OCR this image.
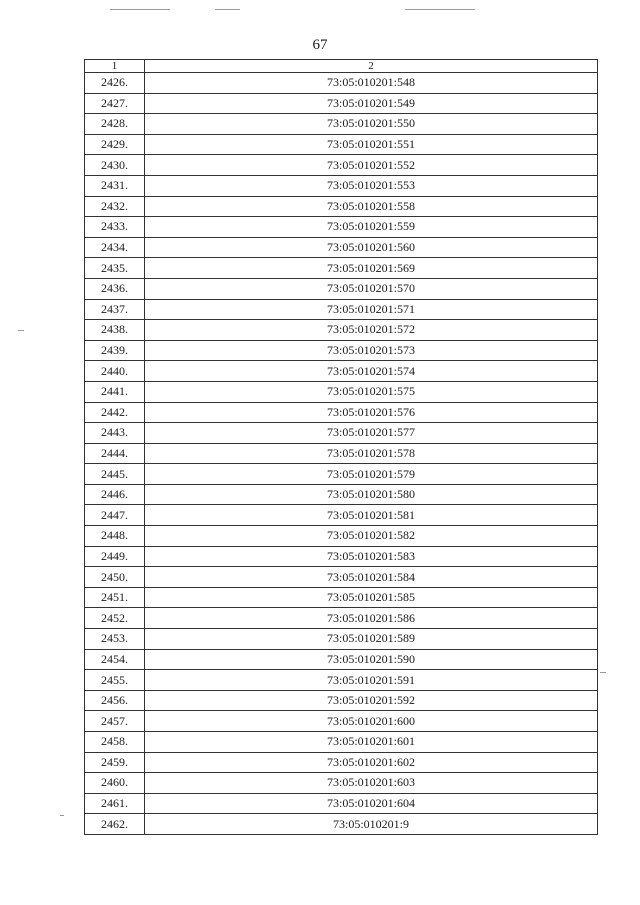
67
1	2
2426.	73:05:010201:548
2427.	73:05:010201:549
2428.	73:05:010201:550
2429.	73:05:010201:551
2430.	73:05:010201:552
2431.	73:05:010201:553
2432.	73:05:010201:558
2433.	73:05:010201:559
2434.	73:05:010201:560
2435.	73:05:010201:569
2436.	73:05:010201:570
2437.	73:05:010201:571
2438.	73:05:010201:572
2439.	73:05:010201:573
2440.	73:05:010201:574
2441.	73:05:010201:575
2442.	73:05:010201:576
2443.	73:05:010201:577
2444.	73:05:010201:578
2445.	73:05:010201:579
2446.	73:05:010201:580
2447.	73:05:010201:581
2448.	73:05:010201:582
2449.	73:05:010201:583
2450.	73:05:010201:584
2451.	73:05:010201:585
2452.	73:05:010201:586
2453.	73:05:010201:589
2454.	73:05:010201:590
2455.	73:05:010201:591
2456.	73:05:010201:592
2457.	73:05:010201:600
2458.	73:05:010201:601
2459.	73:05:010201:602
2460.	73:05:010201:603
2461.	73:05:010201:604
2462.	73:05:010201:9
